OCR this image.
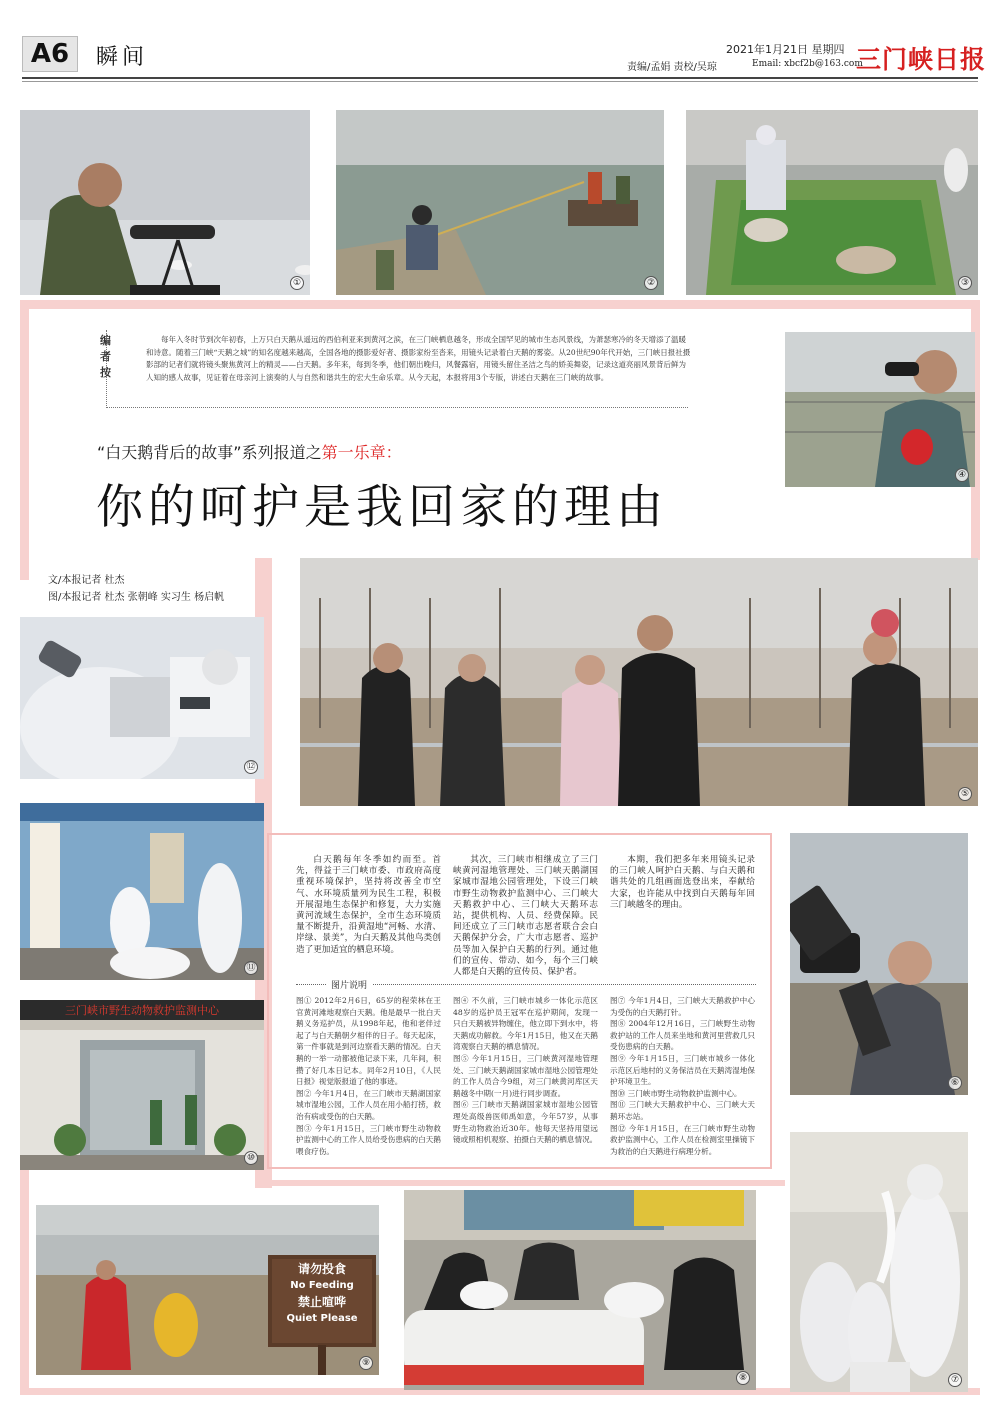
A6	瞬间	2021年1月21日 星期四
责编/孟娟 责校/吴琼	Email: xbcf2b@163.com
三门峡日报
①	②	③
编者按
每年入冬时节到次年初春，上万只白天鹅从遥远的西伯利亚来到黄河之滨，在三门峡栖息越冬，形成全国罕见的城市生态风景线，为萧瑟寒冷的冬天增添了温暖和诗意。随着三门峡“天鹅之城”的知名度越来越高，全国各地的摄影爱好者、摄影家纷至沓来，用镜头记录着白天鹅的雾姿。从20世纪90年代开始，三门峡日报社摄影部的记者们就将镜头聚焦黄河上的精灵——白天鹅。多年来，每到冬季，他们朝出晚归，风餐露宿，用镜头留住圣洁之鸟的娇美舞姿，记录这道亮丽风景背后鲜为人知的感人故事，见证着在母亲河上演奏的人与自然和谐共生的宏大生命乐章。从今天起，本报将用3个专版，讲述白天鹅在三门峡的故事。
④
“白天鹅背后的故事”系列报道之第一乐章：
你的呵护是我回家的理由
文/本报记者 杜杰
图/本报记者 杜杰 张朝峰 实习生 杨启帆
⑫
⑤
⑪
三门峡市野生动物救护监测中心
⑩

白天鹅每年冬季如约而至。首先，得益于三门峡市委、市政府高度重视环境保护，坚持将改善全市空气、水环境质量列为民生工程，积极开展湿地生态保护和修复，大力实施黄河流域生态保护，全市生态环境质量不断提升，沿黄湿地“河畅、水清、岸绿、景美”，为白天鹅及其他鸟类创造了更加适宜的栖息环境。

其次，三门峡市相继成立了三门峡黄河湿地管理处、三门峡天鹅湖国家城市湿地公园管理处，下设三门峡市野生动物救护监测中心、三门峡大天鹅救护中心、三门峡大天鹅环志站，提供机构、人员、经费保障。民间还成立了三门峡市志愿者联合会白天鹅保护分会，广大市志愿者、巡护员等加入保护白天鹅的行列。通过他们的宣传、带动、如今，每个三门峡人都是白天鹅的宣传员、保护者。

本期，我们把多年来用镜头记录的三门峡人呵护白天鹅、与白天鹅和谐共处的几组画面选登出来，奉献给大家，也许能从中找到白天鹅每年回三门峡越冬的理由。

图片说明

图① 2012年2月6日，65岁的程荣林在王官黄河滩地观察白天鹅。他是最早一批白天鹅义务巡护员，从1998年起，他和老伴过起了与白天鹅朝夕相伴的日子。每天起床，第一件事就是到河边察看天鹅的情况。白天鹅的一举一动都被他记录下来，几年间，积攒了好几本日记本。同年2月10日，《人民日报》视觉版报道了他的事迹。

图② 今年1月4日，在三门峡市天鹅湖国家城市湿地公园，工作人员在用小船打捞，救治有病或受伤的白天鹅。

图③ 今年1月15日，三门峡市野生动物救护监测中心的工作人员给受伤患病的白天鹅喂食疗伤。

图④ 不久前，三门峡市城乡一体化示范区48岁的巡护员王冠军在巡护期间，发现一只白天鹅被异物缠住，他立即下到水中，将天鹅成功解救。今年1月15日，他又在天鹅湾观察白天鹅的栖息情况。

图⑤ 今年1月15日，三门峡黄河湿地管理处、三门峡天鹅湖国家城市湿地公园管理处的工作人员合今9组，对三门峡黄河库区天鹅越冬中期(一月)进行同步调查。

图⑥ 三门峡市天鹅湖国家城市湿地公园管理处高级兽医师禹如意，今年57岁，从事野生动物救治近30年。他每天坚持用望远镜或照相机观察、拍摄白天鹅的栖息情况。

图⑦ 今年1月4日，三门峡大天鹅救护中心为受伤的白天鹅打针。

图⑧ 2004年12月16日，三门峡野生动物救护站的工作人员来坐地和黄河里营救几只受伤患病的白天鹅。

图⑨ 今年1月15日，三门峡市城乡一体化示范区后地村的义务保洁员在天鹅湾湿地保护环境卫生。

图⑩ 三门峡市野生动物救护监测中心。

图⑪ 三门峡大天鹅救护中心、三门峡大天鹅环志站。

图⑫ 今年1月15日，在三门峡市野生动物救护监测中心，工作人员在检测室里操镜下为救治的白天鹅进行病理分析。

⑥
⑦
请勿投食
No Feeding
禁止喧哗
Quiet Please
⑨
⑧
